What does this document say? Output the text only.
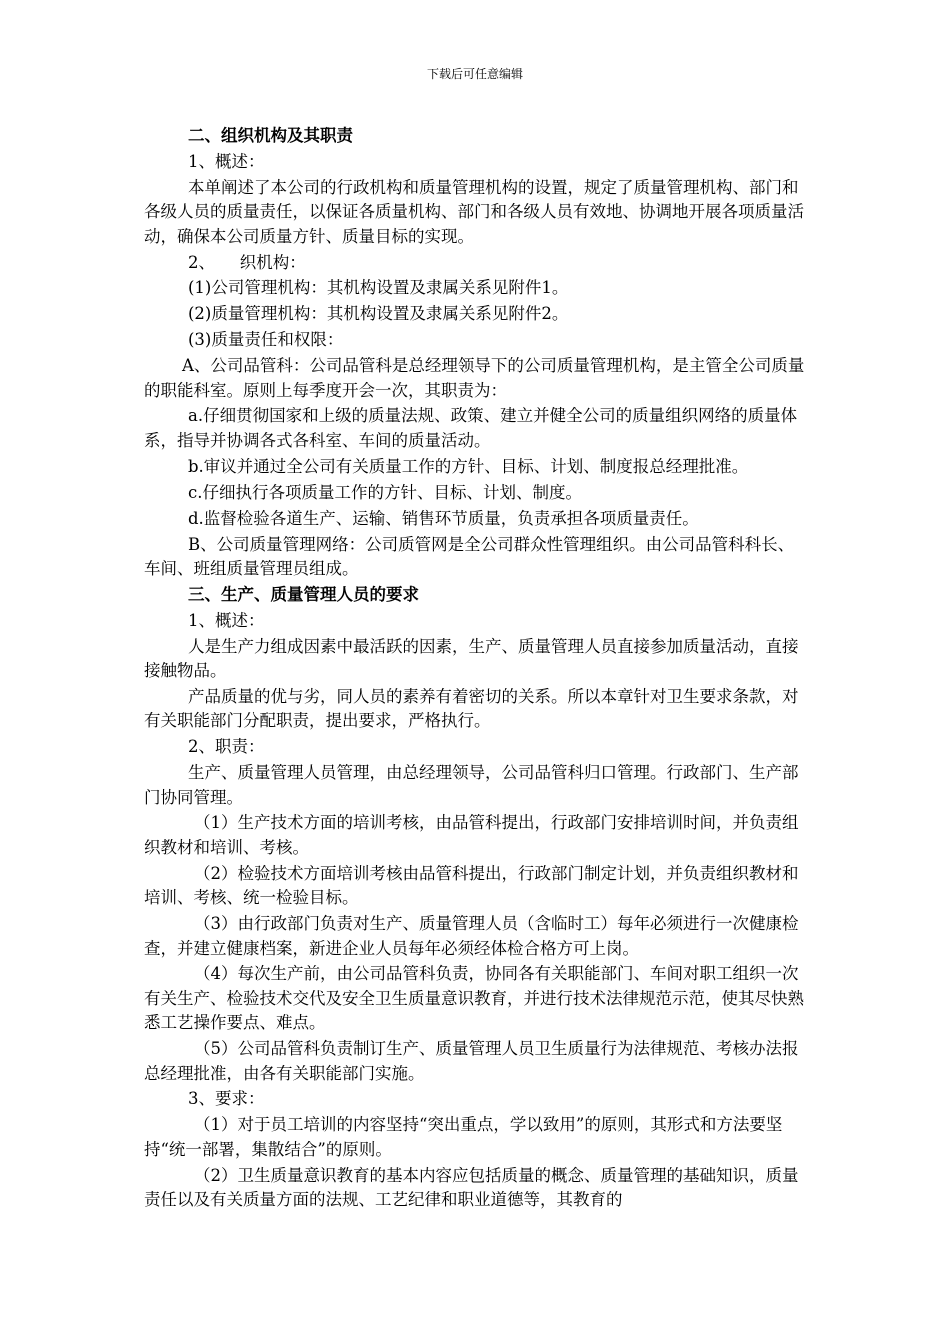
下载后可任意编辑

二、组织机构及其职责

1、概述：

本单阐述了本公司的行政机构和质量管理机构的设置，规定了质量管理机构、部门和各级人员的质量责任，以保证各质量机构、部门和各级人员有效地、协调地开展各项质量活动，确保本公司质量方针、质量目标的实现。

2、　　织机构：

(1)公司管理机构：其机构设置及隶属关系见附件1。

(2)质量管理机构：其机构设置及隶属关系见附件2。

(3)质量责任和权限：

A、公司品管科：公司品管科是总经理领导下的公司质量管理机构，是主管全公司质量的职能科室。原则上每季度开会一次，其职责为：

a.仔细贯彻国家和上级的质量法规、政策、建立并健全公司的质量组织网络的质量体系，指导并协调各式各科室、车间的质量活动。

b.审议并通过全公司有关质量工作的方针、目标、计划、制度报总经理批准。

c.仔细执行各项质量工作的方针、目标、计划、制度。

d.监督检验各道生产、运输、销售环节质量，负责承担各项质量责任。

B、公司质量管理网络：公司质管网是全公司群众性管理组织。由公司品管科科长、车间、班组质量管理员组成。

三、生产、质量管理人员的要求

1、概述：

人是生产力组成因素中最活跃的因素，生产、质量管理人员直接参加质量活动，直接接触物品。

产品质量的优与劣，同人员的素养有着密切的关系。所以本章针对卫生要求条款，对有关职能部门分配职责，提出要求，严格执行。

2、职责：

生产、质量管理人员管理，由总经理领导，公司品管科归口管理。行政部门、生产部门协同管理。

（1）生产技术方面的培训考核，由品管科提出，行政部门安排培训时间，并负责组织教材和培训、考核。

（2）检验技术方面培训考核由品管科提出，行政部门制定计划，并负责组织教材和培训、考核、统一检验目标。

（3）由行政部门负责对生产、质量管理人员（含临时工）每年必须进行一次健康检查，并建立健康档案，新进企业人员每年必须经体检合格方可上岗。

（4）每次生产前，由公司品管科负责，协同各有关职能部门、车间对职工组织一次有关生产、检验技术交代及安全卫生质量意识教育，并进行技术法律规范示范，使其尽快熟悉工艺操作要点、难点。

（5）公司品管科负责制订生产、质量管理人员卫生质量行为法律规范、考核办法报总经理批准，由各有关职能部门实施。

3、要求：

（1）对于员工培训的内容坚持“突出重点，学以致用”的原则，其形式和方法要坚持“统一部署，集散结合”的原则。

（2）卫生质量意识教育的基本内容应包括质量的概念、质量管理的基础知识，质量责任以及有关质量方面的法规、工艺纪律和职业道德等，其教育的
